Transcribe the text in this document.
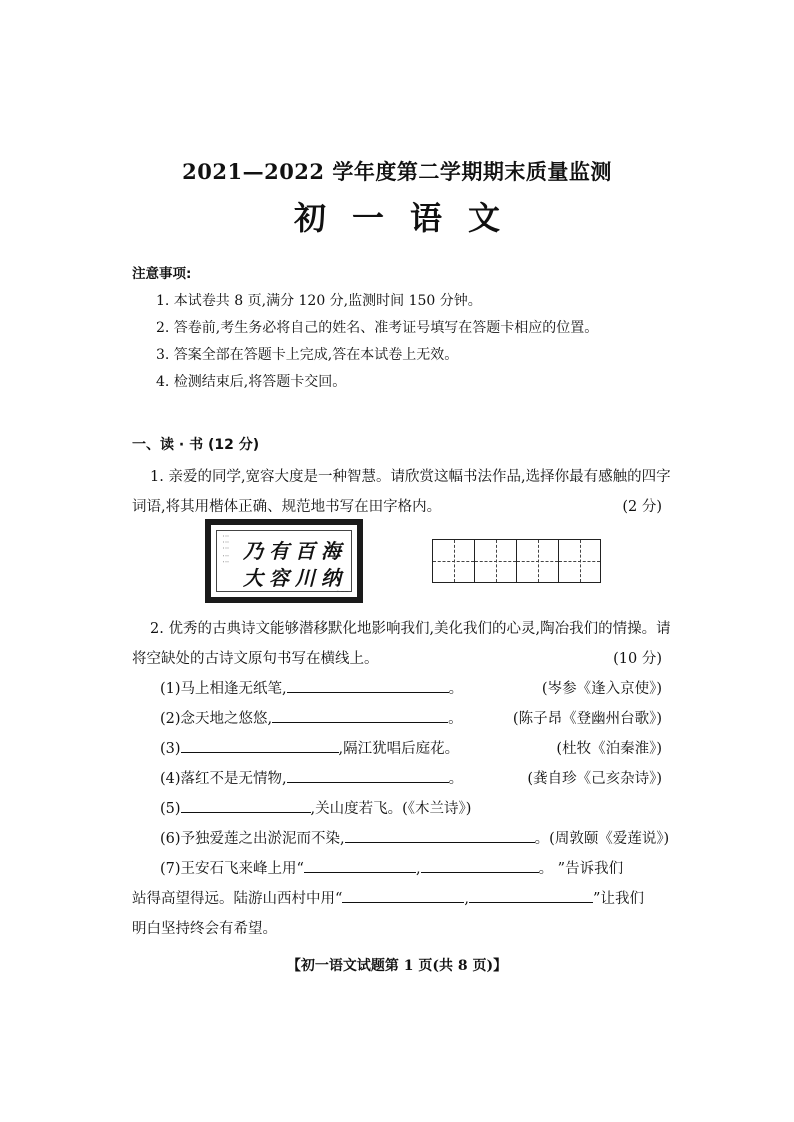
2021—2022 学年度第二学期期末质量监测
初一语文
注意事项:
1. 本试卷共 8 页,满分 120 分,监测时间 150 分钟。
2. 答卷前,考生务必将自己的姓名、准考证号填写在答题卡相应的位置。
3. 答案全部在答题卡上完成,答在本试卷上无效。
4. 检测结束后,将答题卡交回。
一、读 · 书 (12 分)
1. 亲爱的同学,宽容大度是一种智慧。请欣赏这幅书法作品,选择你最有感触的四字
词语,将其用楷体正确、规范地书写在田字格内。	(2 分)
⋮⋮⋮ ⋮⋮	海
纳
百
川
有
容
乃
大
◦ ~~
2. 优秀的古典诗文能够潜移默化地影响我们,美化我们的心灵,陶冶我们的情操。请
将空缺处的古诗文原句书写在横线上。	(10 分)
(1)马上相逢无纸笔,	。	(岑参《逢入京使》)
(2)念天地之悠悠,	。	(陈子昂《登幽州台歌》)
(3)	,隔江犹唱后庭花。	(杜牧《泊秦淮》)
(4)落红不是无情物,	。	(龚自珍《己亥杂诗》)
(5)	,关山度若飞。(《木兰诗》)
(6)予独爱莲之出淤泥而不染,	。(周敦颐《爱莲说》)
(7)王安石飞来峰上用“	,	。 ”告诉我们
站得高望得远。陆游山西村中用“	,	”让我们
明白坚持终会有希望。
【初一语文试题第 1 页(共 8 页)】
